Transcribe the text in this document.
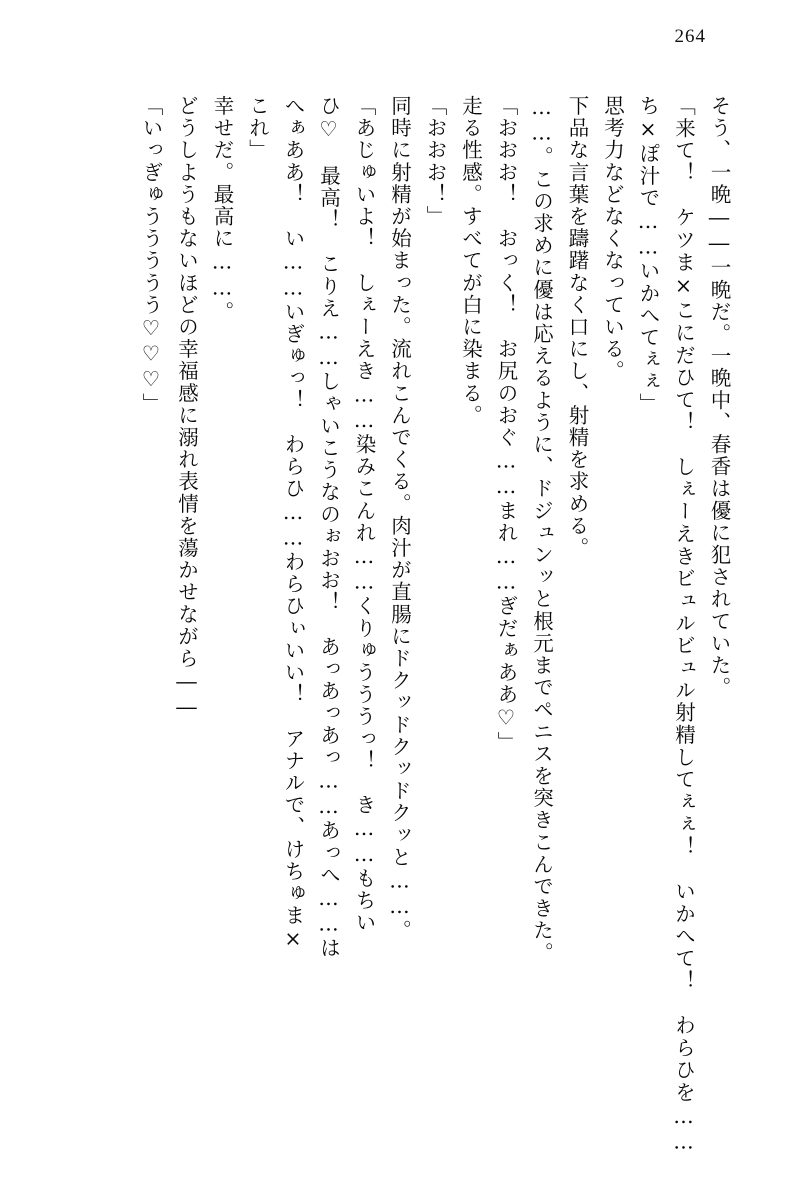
264

そう、一晩――一晩だ。一晩中、春香は優に犯されていた。

「来て！　ケツま×こにだひて！　しぇーえきビュルビュル射精してぇぇ！　いかへて！　わらひを……ち×ぽ汁で……いかへてぇぇ」

思考力などなくなっている。

下品な言葉を躊躇なく口にし、射精を求める。

……。この求めに優は応えるように、ドジュンッと根元までペニスを突きこんできた。

「おおお！　おっく！　お尻のおぐ……まれ……ぎだぁああ♡」

走る性感。すべてが白に染まる。

「おおお！」

同時に射精が始まった。流れこんでくる。肉汁が直腸にドクッドクッドクッと……。

「あじゅいよ！　しぇーえき……染みこんれ……くりゅうううっ！　き……もちい

ひ♡　最高！　こりえ……しゃいこうなのぉおお！　あっあっあっ……あっへ……は

へぁああ！　い……いぎゅっ！　わらひ……わらひぃいい！　アナルで、けちゅま×

これ」

幸せだ。最高に……。

どうしようもないほどの幸福感に溺れ表情を蕩かせながら――

「いっぎゅううううう♡♡♡」
